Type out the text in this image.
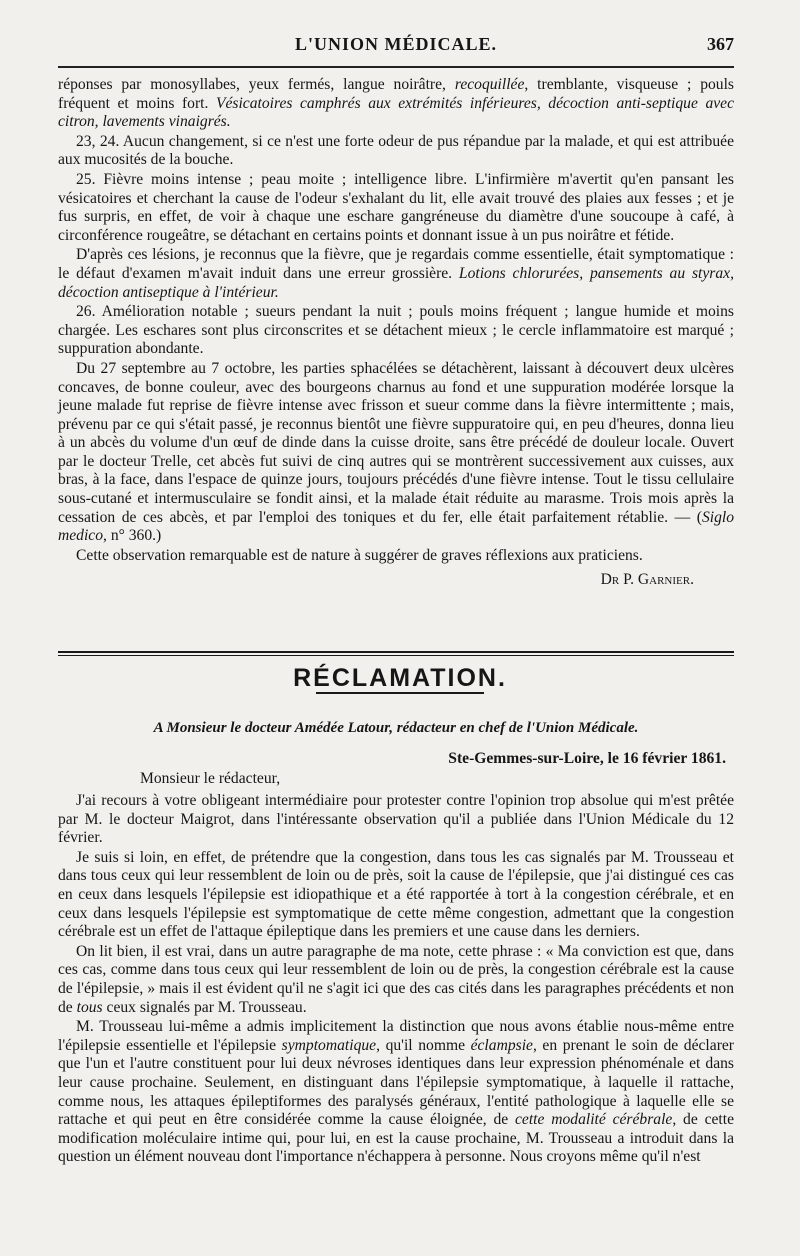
L'UNION MÉDICALE.	367

réponses par monosyllabes, yeux fermés, langue noirâtre, recoquillée, tremblante, visqueuse ; pouls fréquent et moins fort. Vésicatoires camphrés aux extrémités inférieures, décoction anti-septique avec citron, lavements vinaigrés.

23, 24. Aucun changement, si ce n'est une forte odeur de pus répandue par la malade, et qui est attribuée aux mucosités de la bouche.

25. Fièvre moins intense ; peau moite ; intelligence libre. L'infirmière m'avertit qu'en pansant les vésicatoires et cherchant la cause de l'odeur s'exhalant du lit, elle avait trouvé des plaies aux fesses ; et je fus surpris, en effet, de voir à chaque une eschare gangréneuse du diamètre d'une soucoupe à café, à circonférence rougeâtre, se détachant en certains points et donnant issue à un pus noirâtre et fétide.

D'après ces lésions, je reconnus que la fièvre, que je regardais comme essentielle, était symptomatique : le défaut d'examen m'avait induit dans une erreur grossière. Lotions chlorurées, pansements au styrax, décoction antiseptique à l'intérieur.

26. Amélioration notable ; sueurs pendant la nuit ; pouls moins fréquent ; langue humide et moins chargée. Les eschares sont plus circonscrites et se détachent mieux ; le cercle inflammatoire est marqué ; suppuration abondante.

Du 27 septembre au 7 octobre, les parties sphacélées se détachèrent, laissant à découvert deux ulcères concaves, de bonne couleur, avec des bourgeons charnus au fond et une suppuration modérée lorsque la jeune malade fut reprise de fièvre intense avec frisson et sueur comme dans la fièvre intermittente ; mais, prévenu par ce qui s'était passé, je reconnus bientôt une fièvre suppuratoire qui, en peu d'heures, donna lieu à un abcès du volume d'un œuf de dinde dans la cuisse droite, sans être précédé de douleur locale. Ouvert par le docteur Trelle, cet abcès fut suivi de cinq autres qui se montrèrent successivement aux cuisses, aux bras, à la face, dans l'espace de quinze jours, toujours précédés d'une fièvre intense. Tout le tissu cellulaire sous-cutané et intermusculaire se fondit ainsi, et la malade était réduite au marasme. Trois mois après la cessation de ces abcès, et par l'emploi des toniques et du fer, elle était parfaitement rétablie. — (Siglo medico, n° 360.)

Cette observation remarquable est de nature à suggérer de graves réflexions aux praticiens.

Dr P. Garnier.
RÉCLAMATION.
A Monsieur le docteur Amédée Latour, rédacteur en chef de l'Union Médicale.
Ste-Gemmes-sur-Loire, le 16 février 1861.
Monsieur le rédacteur,

J'ai recours à votre obligeant intermédiaire pour protester contre l'opinion trop absolue qui m'est prêtée par M. le docteur Maigrot, dans l'intéressante observation qu'il a publiée dans l'Union Médicale du 12 février.

Je suis si loin, en effet, de prétendre que la congestion, dans tous les cas signalés par M. Trousseau et dans tous ceux qui leur ressemblent de loin ou de près, soit la cause de l'épilepsie, que j'ai distingué ces cas en ceux dans lesquels l'épilepsie est idiopathique et a été rapportée à tort à la congestion cérébrale, et en ceux dans lesquels l'épilepsie est symptomatique de cette même congestion, admettant que la congestion cérébrale est un effet de l'attaque épileptique dans les premiers et une cause dans les derniers.

On lit bien, il est vrai, dans un autre paragraphe de ma note, cette phrase : « Ma conviction est que, dans ces cas, comme dans tous ceux qui leur ressemblent de loin ou de près, la congestion cérébrale est la cause de l'épilepsie, » mais il est évident qu'il ne s'agit ici que des cas cités dans les paragraphes précédents et non de tous ceux signalés par M. Trousseau.

M. Trousseau lui-même a admis implicitement la distinction que nous avons établie nous-même entre l'épilepsie essentielle et l'épilepsie symptomatique, qu'il nomme éclampsie, en prenant le soin de déclarer que l'un et l'autre constituent pour lui deux névroses identiques dans leur expression phénoménale et dans leur cause prochaine. Seulement, en distinguant dans l'épilepsie symptomatique, à laquelle il rattache, comme nous, les attaques épileptiformes des paralysés généraux, l'entité pathologique à laquelle elle se rattache et qui peut en être considérée comme la cause éloignée, de cette modalité cérébrale, de cette modification moléculaire intime qui, pour lui, en est la cause prochaine, M. Trousseau a introduit dans la question un élément nouveau dont l'importance n'échappera à personne. Nous croyons même qu'il n'est
